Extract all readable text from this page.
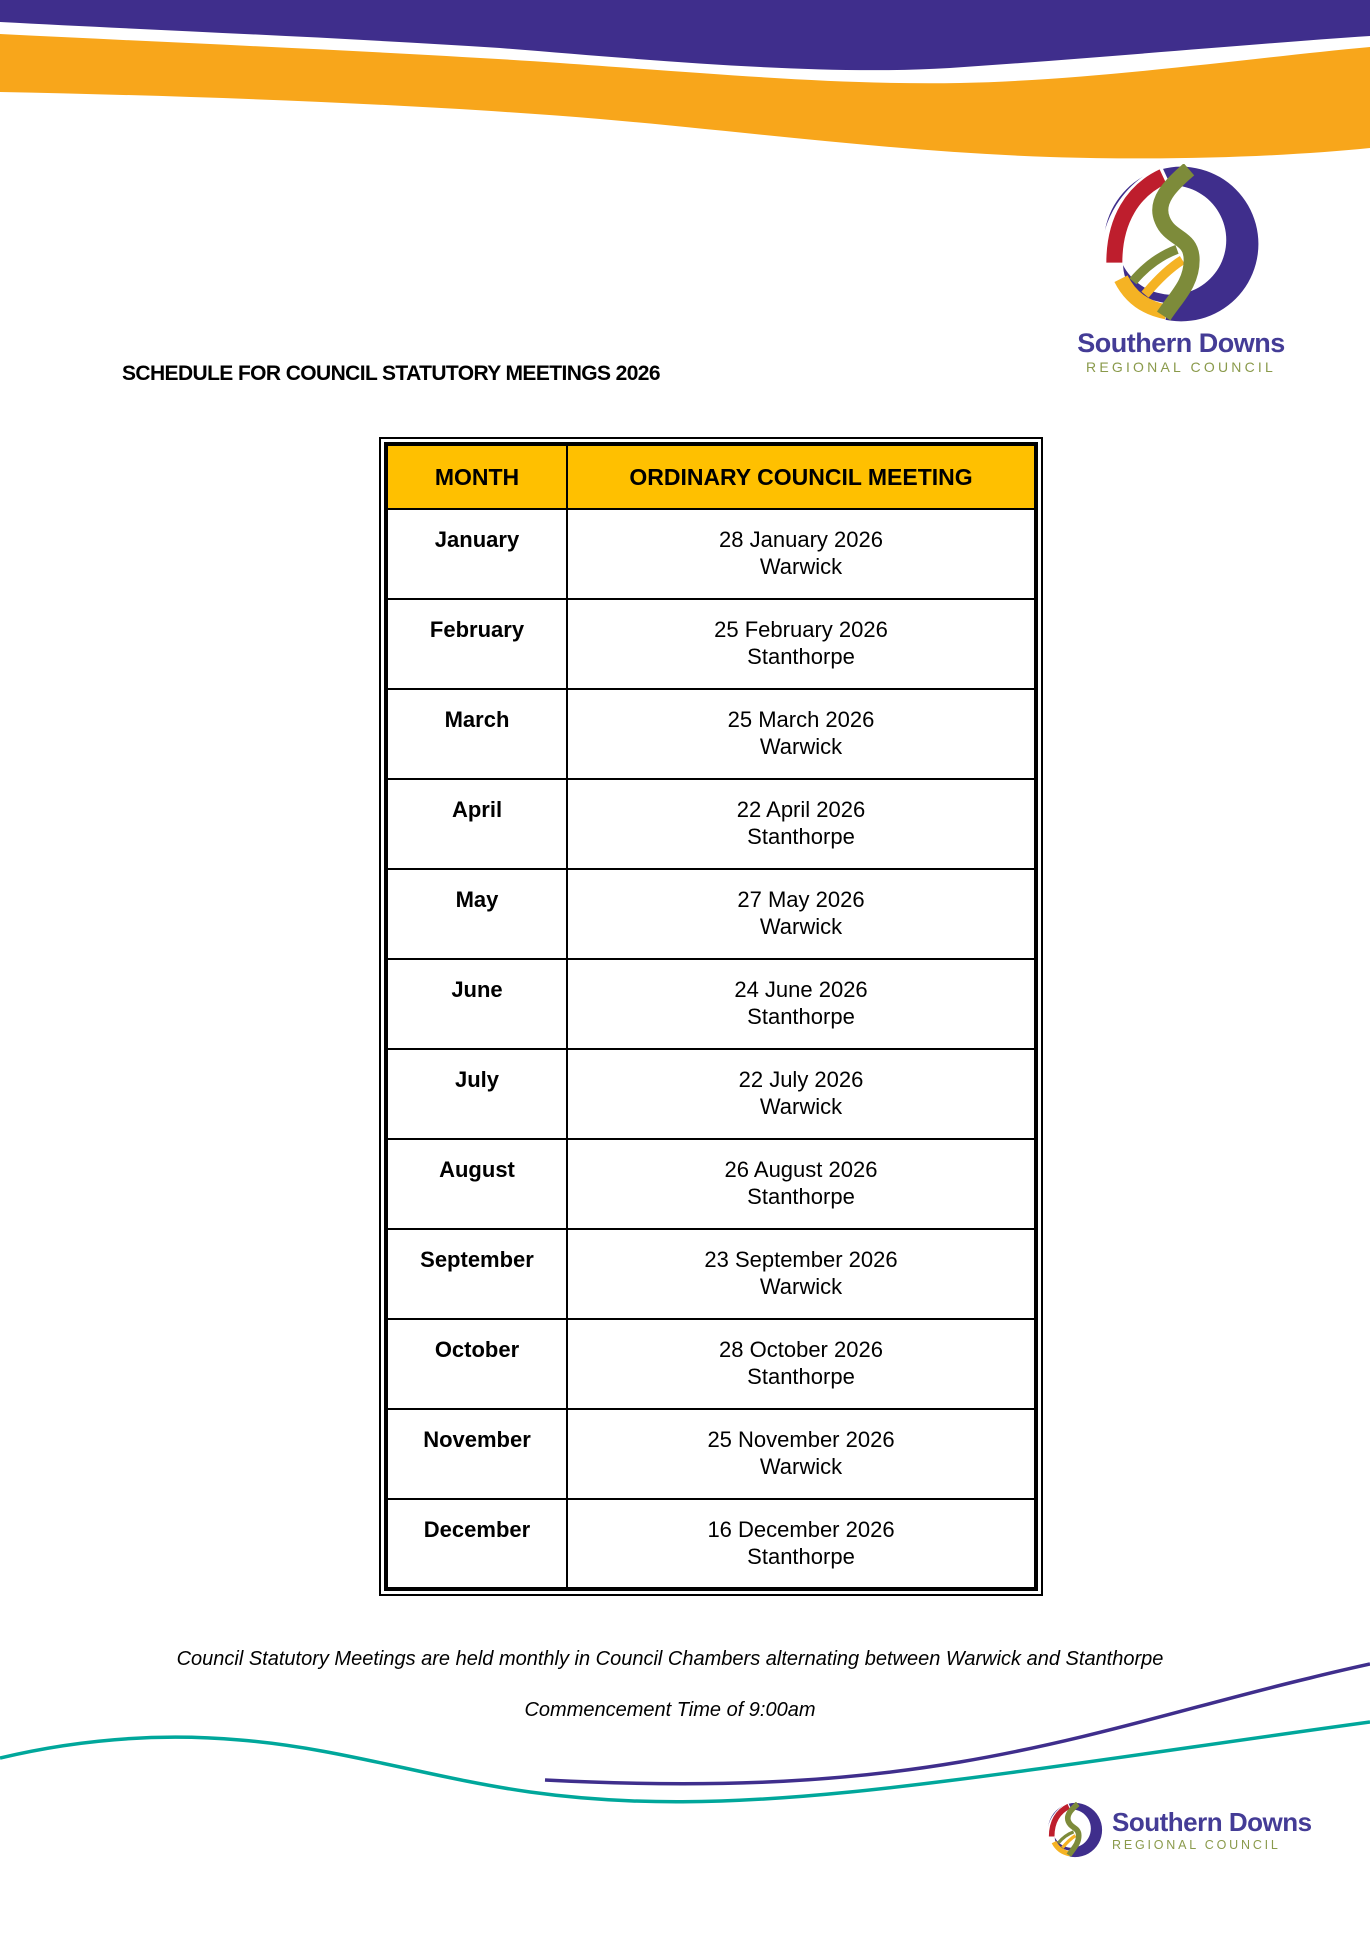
Southern Downs
REGIONAL COUNCIL
SCHEDULE FOR COUNCIL STATUTORY MEETINGS 2026
MONTH	ORDINARY COUNCIL MEETING
January	28 January 2026
Warwick

February	25 February 2026
Stanthorpe

March	25 March 2026
Warwick

April	22 April 2026
Stanthorpe

May	27 May 2026
Warwick

June	24 June 2026
Stanthorpe

July	22 July 2026
Warwick

August	26 August 2026
Stanthorpe

September	23 September 2026
Warwick

October	28 October 2026
Stanthorpe

November	25 November 2026
Warwick

December	16 December 2026
Stanthorpe
Council Statutory Meetings are held monthly in Council Chambers alternating between Warwick and Stanthorpe
Commencement Time of 9:00am
Southern Downs
REGIONAL COUNCIL
